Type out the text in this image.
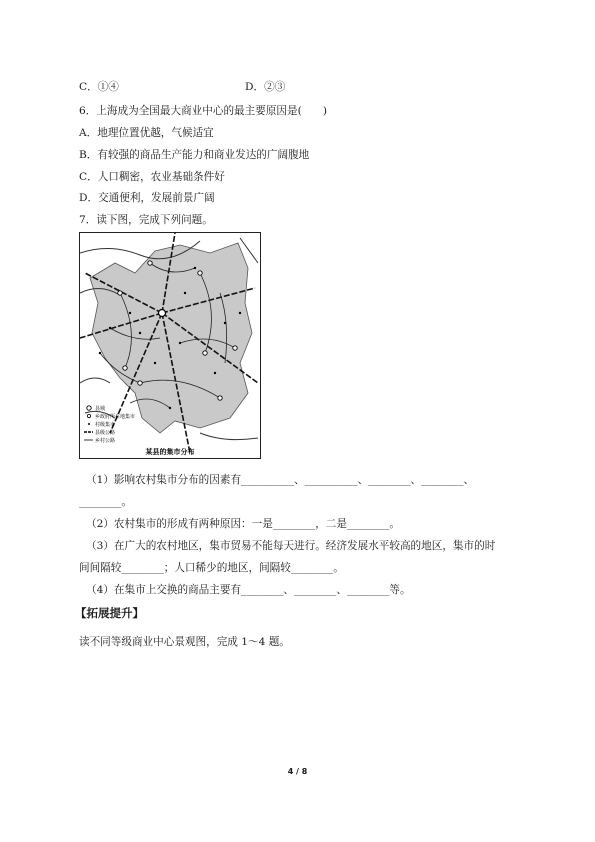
C．①④	D．②③
6．上海成为全国最大商业中心的最主要原因是(　　)
A．地理位置优越，气候适宜
B．有较强的商品生产能力和商业发达的广阔腹地
C．人口稠密，农业基础条件好
D．交通便利，发展前景广阔
7．读下图，完成下列问题。
县城
乡政府所在地集市
村级集市
县级公路
乡村公路
某县的集市分布
（1）影响农村集市分布的因素有__________、__________、________、________、
________。
（2）农村集市的形成有两种原因：一是________，二是________。
（3）在广大的农村地区，集市贸易不能每天进行。经济发展水平较高的地区，集市的时
间间隔较________；人口稀少的地区，间隔较________。
（4）在集市上交换的商品主要有________、________、________等。
【拓展提升】
读不同等级商业中心景观图，完成 1～4 题。
4 / 8
